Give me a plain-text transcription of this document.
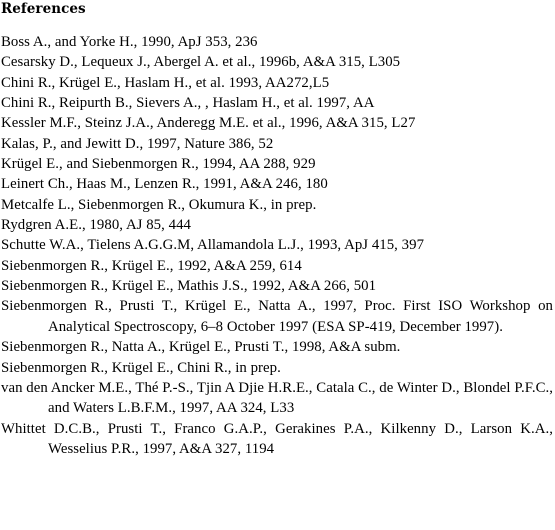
References
Boss A., and Yorke H., 1990, ApJ 353, 236
Cesarsky D., Lequeux J., Abergel A. et al., 1996b, A&A 315, L305
Chini R., Krügel E., Haslam H., et al. 1993, AA272,L5
Chini R., Reipurth B., Sievers A., , Haslam H., et al. 1997, AA
Kessler M.F., Steinz J.A., Anderegg M.E. et al., 1996, A&A 315, L27
Kalas, P., and Jewitt D., 1997, Nature 386, 52
Krügel E., and Siebenmorgen R., 1994, AA 288, 929
Leinert Ch., Haas M., Lenzen R., 1991, A&A 246, 180
Metcalfe L., Siebenmorgen R., Okumura K., in prep.
Rydgren A.E., 1980, AJ 85, 444
Schutte W.A., Tielens A.G.G.M, Allamandola L.J., 1993, ApJ 415, 397
Siebenmorgen R., Krügel E., 1992, A&A 259, 614
Siebenmorgen R., Krügel E., Mathis J.S., 1992, A&A 266, 501
Siebenmorgen R., Prusti T., Krügel E., Natta A., 1997, Proc. First ISO Workshop on Analytical Spectroscopy, 6–8 October 1997 (ESA SP-419, December 1997).
Siebenmorgen R., Natta A., Krügel E., Prusti T., 1998, A&A subm.
Siebenmorgen R., Krügel E., Chini R., in prep.
van den Ancker M.E., Thé P.-S., Tjin A Djie H.R.E., Catala C., de Winter D., Blondel P.F.C., and Waters L.B.F.M., 1997, AA 324, L33
Whittet D.C.B., Prusti T., Franco G.A.P., Gerakines P.A., Kilkenny D., Larson K.A., Wesselius P.R., 1997, A&A 327, 1194
